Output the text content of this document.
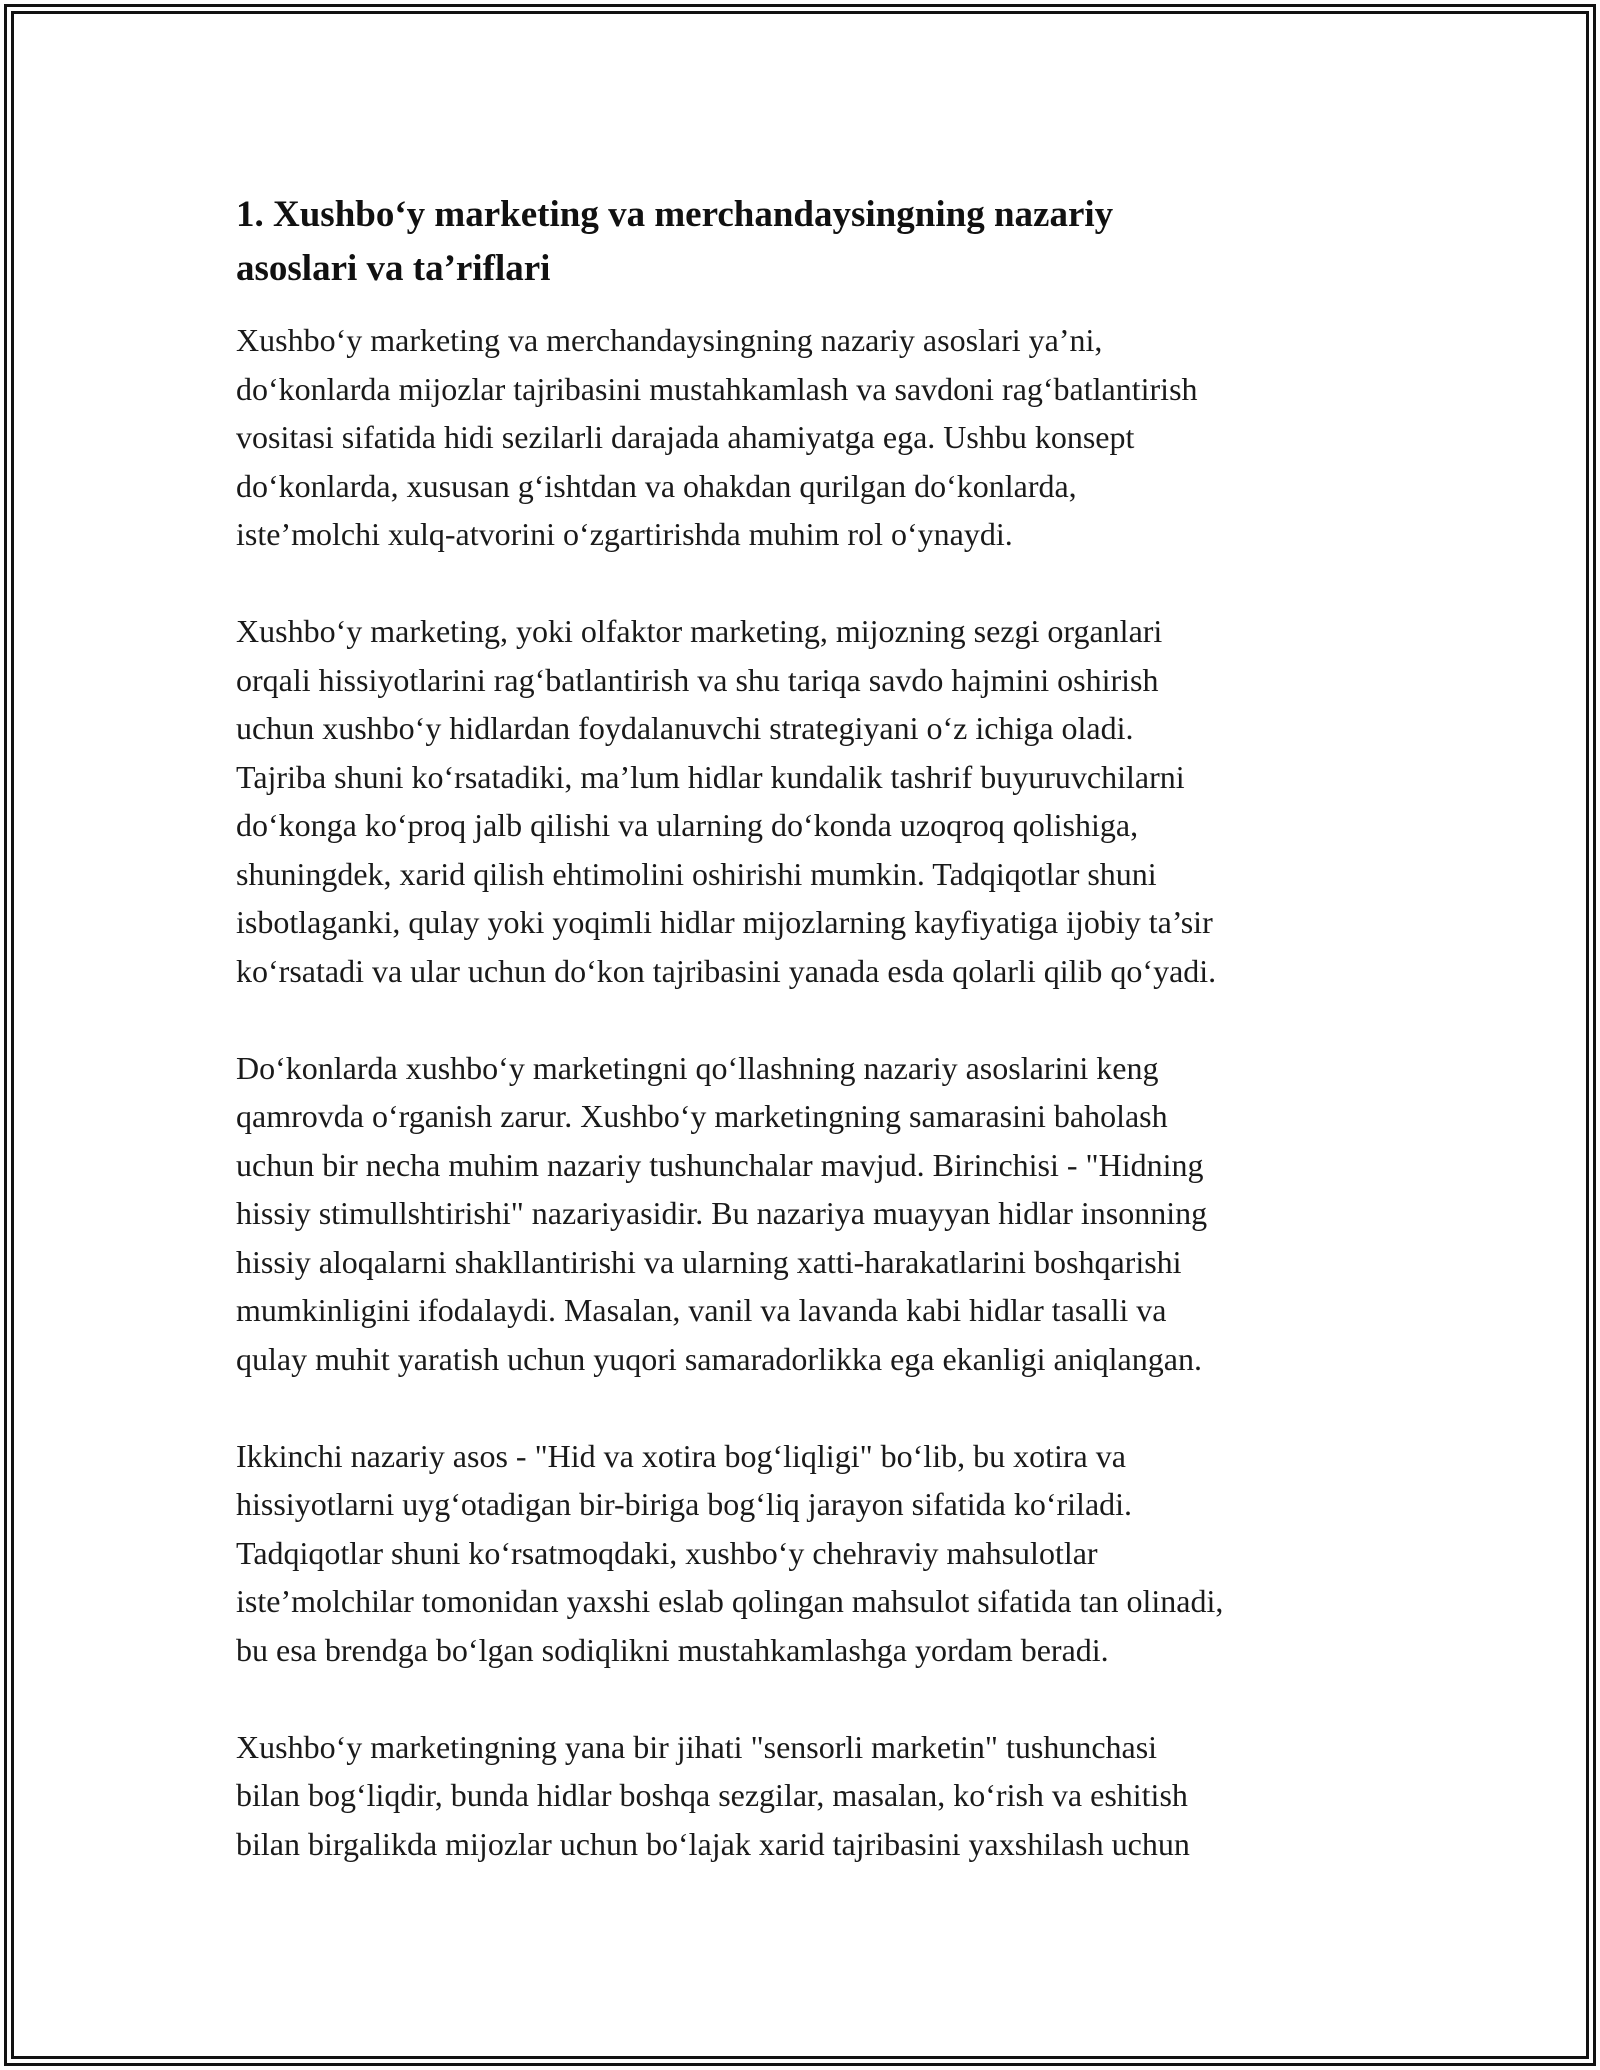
1. Xushbo‘y marketing va merchandaysingning nazariy
asoslari va ta’riflari

Xushbo‘y marketing va merchandaysingning nazariy asoslari ya’ni,
do‘konlarda mijozlar tajribasini mustahkamlash va savdoni rag‘batlantirish
vositasi sifatida hidi sezilarli darajada ahamiyatga ega. Ushbu konsept
do‘konlarda, xususan g‘ishtdan va ohakdan qurilgan do‘konlarda,
iste’molchi xulq-atvorini o‘zgartirishda muhim rol o‘ynaydi.

Xushbo‘y marketing, yoki olfaktor marketing, mijozning sezgi organlari
orqali hissiyotlarini rag‘batlantirish va shu tariqa savdo hajmini oshirish
uchun xushbo‘y hidlardan foydalanuvchi strategiyani o‘z ichiga oladi.
Tajriba shuni ko‘rsatadiki, ma’lum hidlar kundalik tashrif buyuruvchilarni
do‘konga ko‘proq jalb qilishi va ularning do‘konda uzoqroq qolishiga,
shuningdek, xarid qilish ehtimolini oshirishi mumkin. Tadqiqotlar shuni
isbotlaganki, qulay yoki yoqimli hidlar mijozlarning kayfiyatiga ijobiy ta’sir
ko‘rsatadi va ular uchun do‘kon tajribasini yanada esda qolarli qilib qo‘yadi.

Do‘konlarda xushbo‘y marketingni qo‘llashning nazariy asoslarini keng
qamrovda o‘rganish zarur. Xushbo‘y marketingning samarasini baholash
uchun bir necha muhim nazariy tushunchalar mavjud. Birinchisi - "Hidning
hissiy stimullshtirishi" nazariyasidir. Bu nazariya muayyan hidlar insonning
hissiy aloqalarni shakllantirishi va ularning xatti-harakatlarini boshqarishi
mumkinligini ifodalaydi. Masalan, vanil va lavanda kabi hidlar tasalli va
qulay muhit yaratish uchun yuqori samaradorlikka ega ekanligi aniqlangan.

Ikkinchi nazariy asos - "Hid va xotira bog‘liqligi" bo‘lib, bu xotira va
hissiyotlarni uyg‘otadigan bir-biriga bog‘liq jarayon sifatida ko‘riladi.
Tadqiqotlar shuni ko‘rsatmoqdaki, xushbo‘y chehraviy mahsulotlar
iste’molchilar tomonidan yaxshi eslab qolingan mahsulot sifatida tan olinadi,
bu esa brendga bo‘lgan sodiqlikni mustahkamlashga yordam beradi.

Xushbo‘y marketingning yana bir jihati "sensorli marketin" tushunchasi
bilan bog‘liqdir, bunda hidlar boshqa sezgilar, masalan, ko‘rish va eshitish
bilan birgalikda mijozlar uchun bo‘lajak xarid tajribasini yaxshilash uchun
